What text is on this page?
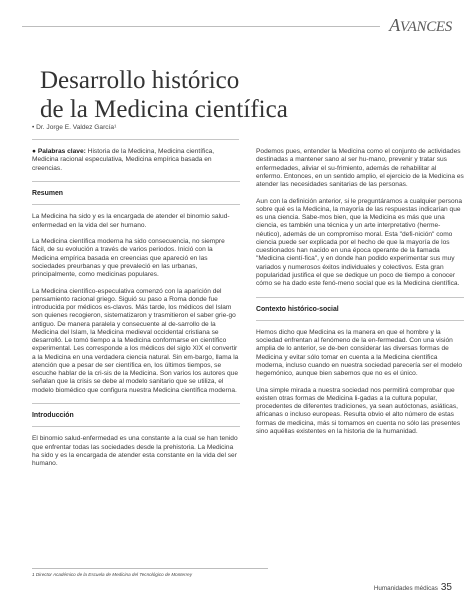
AVANCES
Desarrollo histórico
de la Medicina científica
• Dr. Jorge E. Valdez García¹

● Palabras clave: Historia de la Medicina, Medicina científica, Medicina racional especulativa, Medicina empírica basada en creencias.

Resumen

La Medicina ha sido y es la encargada de atender el binomio salud-enfermedad en la vida del ser humano.

La Medicina científica moderna ha sido consecuencia, no siempre fácil, de su evolución a través de varios periodos. Inició con la Medicina empírica basada en creencias que apareció en las sociedades preurbanas y que prevaleció en las urbanas, principalmente, como medicinas populares.

La Medicina científico-especulativa comenzó con la aparición del pensamiento racional griego. Siguió su paso a Roma donde fue introducida por médicos es-clavos. Más tarde, los médicos del Islam son quienes recogieron, sistematizaron y trasmitieron el saber grie-go antiguo. De manera paralela y consecuente al de-sarrollo de la Medicina del Islam, la Medicina medieval occidental cristiana se desarrolló. Le tomó tiempo a la Medicina conformarse en científico experimental. Les corresponde a los médicos del siglo XIX el convertir a la Medicina en una verdadera ciencia natural. Sin em-bargo, llama la atención que a pesar de ser científica en, los últimos tiempos, se escuche hablar de la cri-sis de la Medicina. Son varios los autores que señalan que la crisis se debe al modelo sanitario que se utiliza, el modelo biomédico que configura nuestra Medicina científica moderna.

Introducción

El binomio salud-enfermedad es una constante a la cual se han tenido que enfrentar todas las sociedades desde la prehistoria. La Medicina ha sido y es la encargada de atender esta constante en la vida del ser humano.

Podemos pues, entender la Medicina como el conjunto de actividades destinadas a mantener sano al ser hu-mano, prevenir y tratar sus enfermedades, aliviar el su-frimiento, además de rehabilitar al enfermo. Entonces, en un sentido amplio, el ejercicio de la Medicina es atender las necesidades sanitarias de las personas.

Aun con la definición anterior, si le preguntáramos a cualquier persona sobre qué es la Medicina, la mayoría de las respuestas indicarían que es una ciencia. Sabe-mos bien, que la Medicina es más que una ciencia, es también una técnica y un arte interpretativo (herme-néutico), además de un compromiso moral. Esta "defi-nición" como ciencia puede ser explicada por el hecho de que la mayoría de los cuestionados han nacido en una época operante de la llamada "Medicina cientí-fica", y en donde han podido experimentar sus muy variados y numerosos éxitos individuales y colectivos. Esta gran popularidad justifica el que se dedique un poco de tiempo a conocer cómo se ha dado este fenó-meno social que es la Medicina científica.

Contexto histórico-social

Hemos dicho que Medicina es la manera en que el hombre y la sociedad enfrentan al fenómeno de la en-fermedad. Con una visión amplia de lo anterior, se de-ben considerar las diversas formas de Medicina y evitar sólo tomar en cuenta a la Medicina científica moderna, incluso cuando en nuestra sociedad parecería ser el modelo hegemónico, aunque bien sabemos que no es el único.

Una simple mirada a nuestra sociedad nos permitirá comprobar que existen otras formas de Medicina li-gadas a la cultura popular, procedentes de diferentes tradiciones, ya sean autóctonas, asiáticas, africanas o incluso europeas. Resulta obvio el alto número de estas formas de medicina, más si tomamos en cuenta no sólo las presentes sino aquéllas existentes en la historia de la humanidad.

1 Director Académico de la Escuela de Medicina del Tecnológico de Monterrey
Humanidades médicas 35
